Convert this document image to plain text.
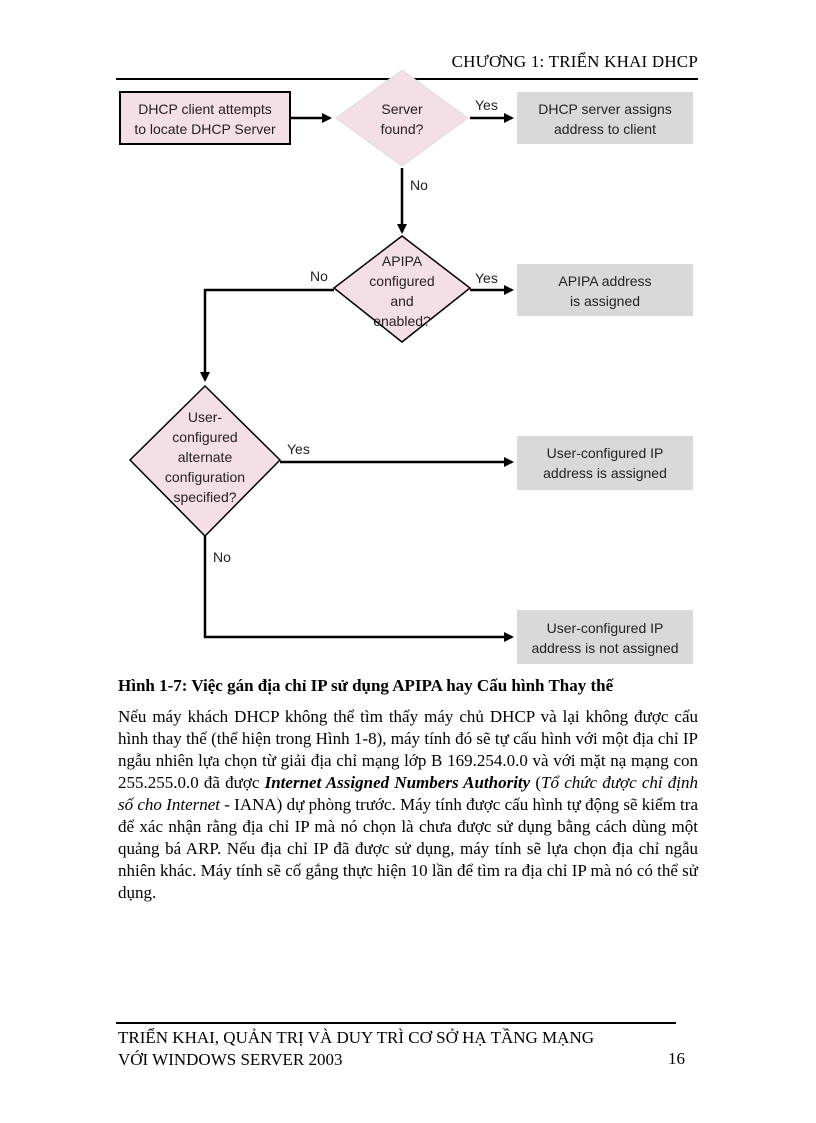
CHƯƠNG 1: TRIỂN KHAI DHCP
DHCP client attempts
to locate DHCP Server
Server
found?
Yes	DHCP server assigns
address to client
No
APIPA
configured
and
enabled?
Yes	APIPA address
is assigned
No
User-
configured
alternate
configuration
specified?
Yes	User-configured IP
address is assigned
No
User-configured IP
address is not assigned
Hình 1-7: Việc gán địa chỉ IP sử dụng APIPA hay Cấu hình Thay thế

Nếu máy khách DHCP không thể tìm thấy máy chủ DHCP và lại không được cấu hình thay thế (thể hiện trong Hình 1-8), máy tính đó sẽ tự cấu hình với một địa chỉ IP ngẫu nhiên lựa chọn từ giải địa chỉ mạng lớp B 169.254.0.0 và với mặt nạ mạng con 255.255.0.0 đã được Internet Assigned Numbers Authority (Tổ chức được chỉ định số cho Internet - IANA) dự phòng trước. Máy tính được cấu hình tự động sẽ kiểm tra để xác nhận rằng địa chỉ IP mà nó chọn là chưa được sử dụng bằng cách dùng một quảng bá ARP. Nếu địa chỉ IP đã được sử dụng, máy tính sẽ lựa chọn địa chỉ ngẫu nhiên khác. Máy tính sẽ cố gắng thực hiện 10 lần để tìm ra địa chỉ IP mà nó có thể sử dụng.

TRIỂN KHAI, QUẢN TRỊ VÀ DUY TRÌ CƠ SỞ HẠ TẦNG MẠNG
VỚI WINDOWS SERVER 2003	16
